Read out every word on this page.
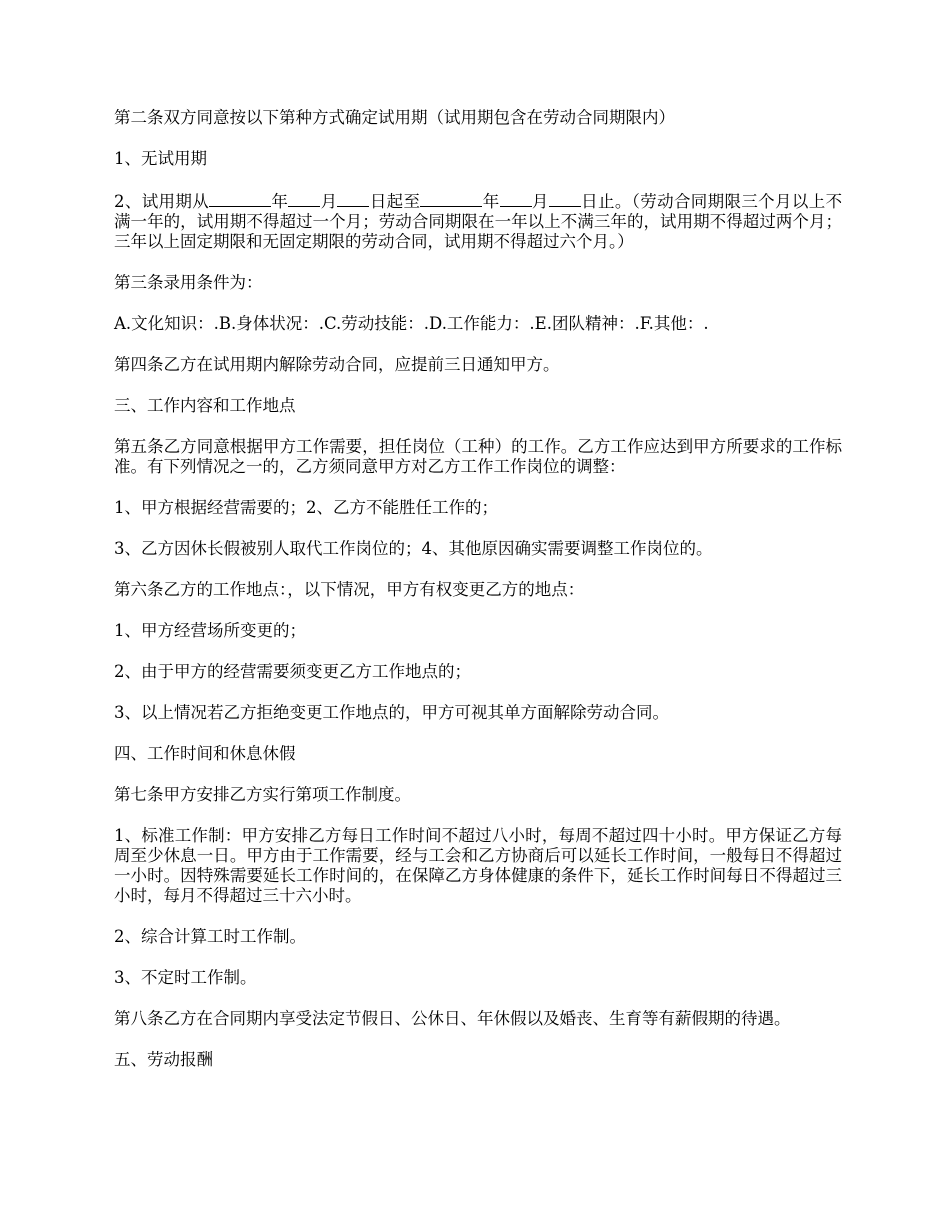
第二条双方同意按以下第种方式确定试用期（试用期包含在劳动合同期限内）

1、无试用期

2、试用期从	年 月 日起至	年 月 日止。（劳动合同期限三个月以上不满一年的，试用期不得超过一个月；劳动合同期限在一年以上不满三年的，试用期不得超过两个月；三年以上固定期限和无固定期限的劳动合同，试用期不得超过六个月。）

第三条录用条件为：

A.文化知识：.B.身体状况：.C.劳动技能：.D.工作能力：.E.团队精神：.F.其他：.

第四条乙方在试用期内解除劳动合同，应提前三日通知甲方。

三、工作内容和工作地点

第五条乙方同意根据甲方工作需要，担任岗位（工种）的工作。乙方工作应达到甲方所要求的工作标准。有下列情况之一的，乙方须同意甲方对乙方工作工作岗位的调整：

1、甲方根据经营需要的；2、乙方不能胜任工作的；

3、乙方因休长假被别人取代工作岗位的；4、其他原因确实需要调整工作岗位的。

第六条乙方的工作地点：，以下情况，甲方有权变更乙方的地点：

1、甲方经营场所变更的；

2、由于甲方的经营需要须变更乙方工作地点的；

3、以上情况若乙方拒绝变更工作地点的，甲方可视其单方面解除劳动合同。

四、工作时间和休息休假

第七条甲方安排乙方实行第项工作制度。

1、标准工作制：甲方安排乙方每日工作时间不超过八小时，每周不超过四十小时。甲方保证乙方每周至少休息一日。甲方由于工作需要，经与工会和乙方协商后可以延长工作时间，一般每日不得超过一小时。因特殊需要延长工作时间的，在保障乙方身体健康的条件下，延长工作时间每日不得超过三小时，每月不得超过三十六小时。

2、综合计算工时工作制。

3、不定时工作制。

第八条乙方在合同期内享受法定节假日、公休日、年休假以及婚丧、生育等有薪假期的待遇。

五、劳动报酬
